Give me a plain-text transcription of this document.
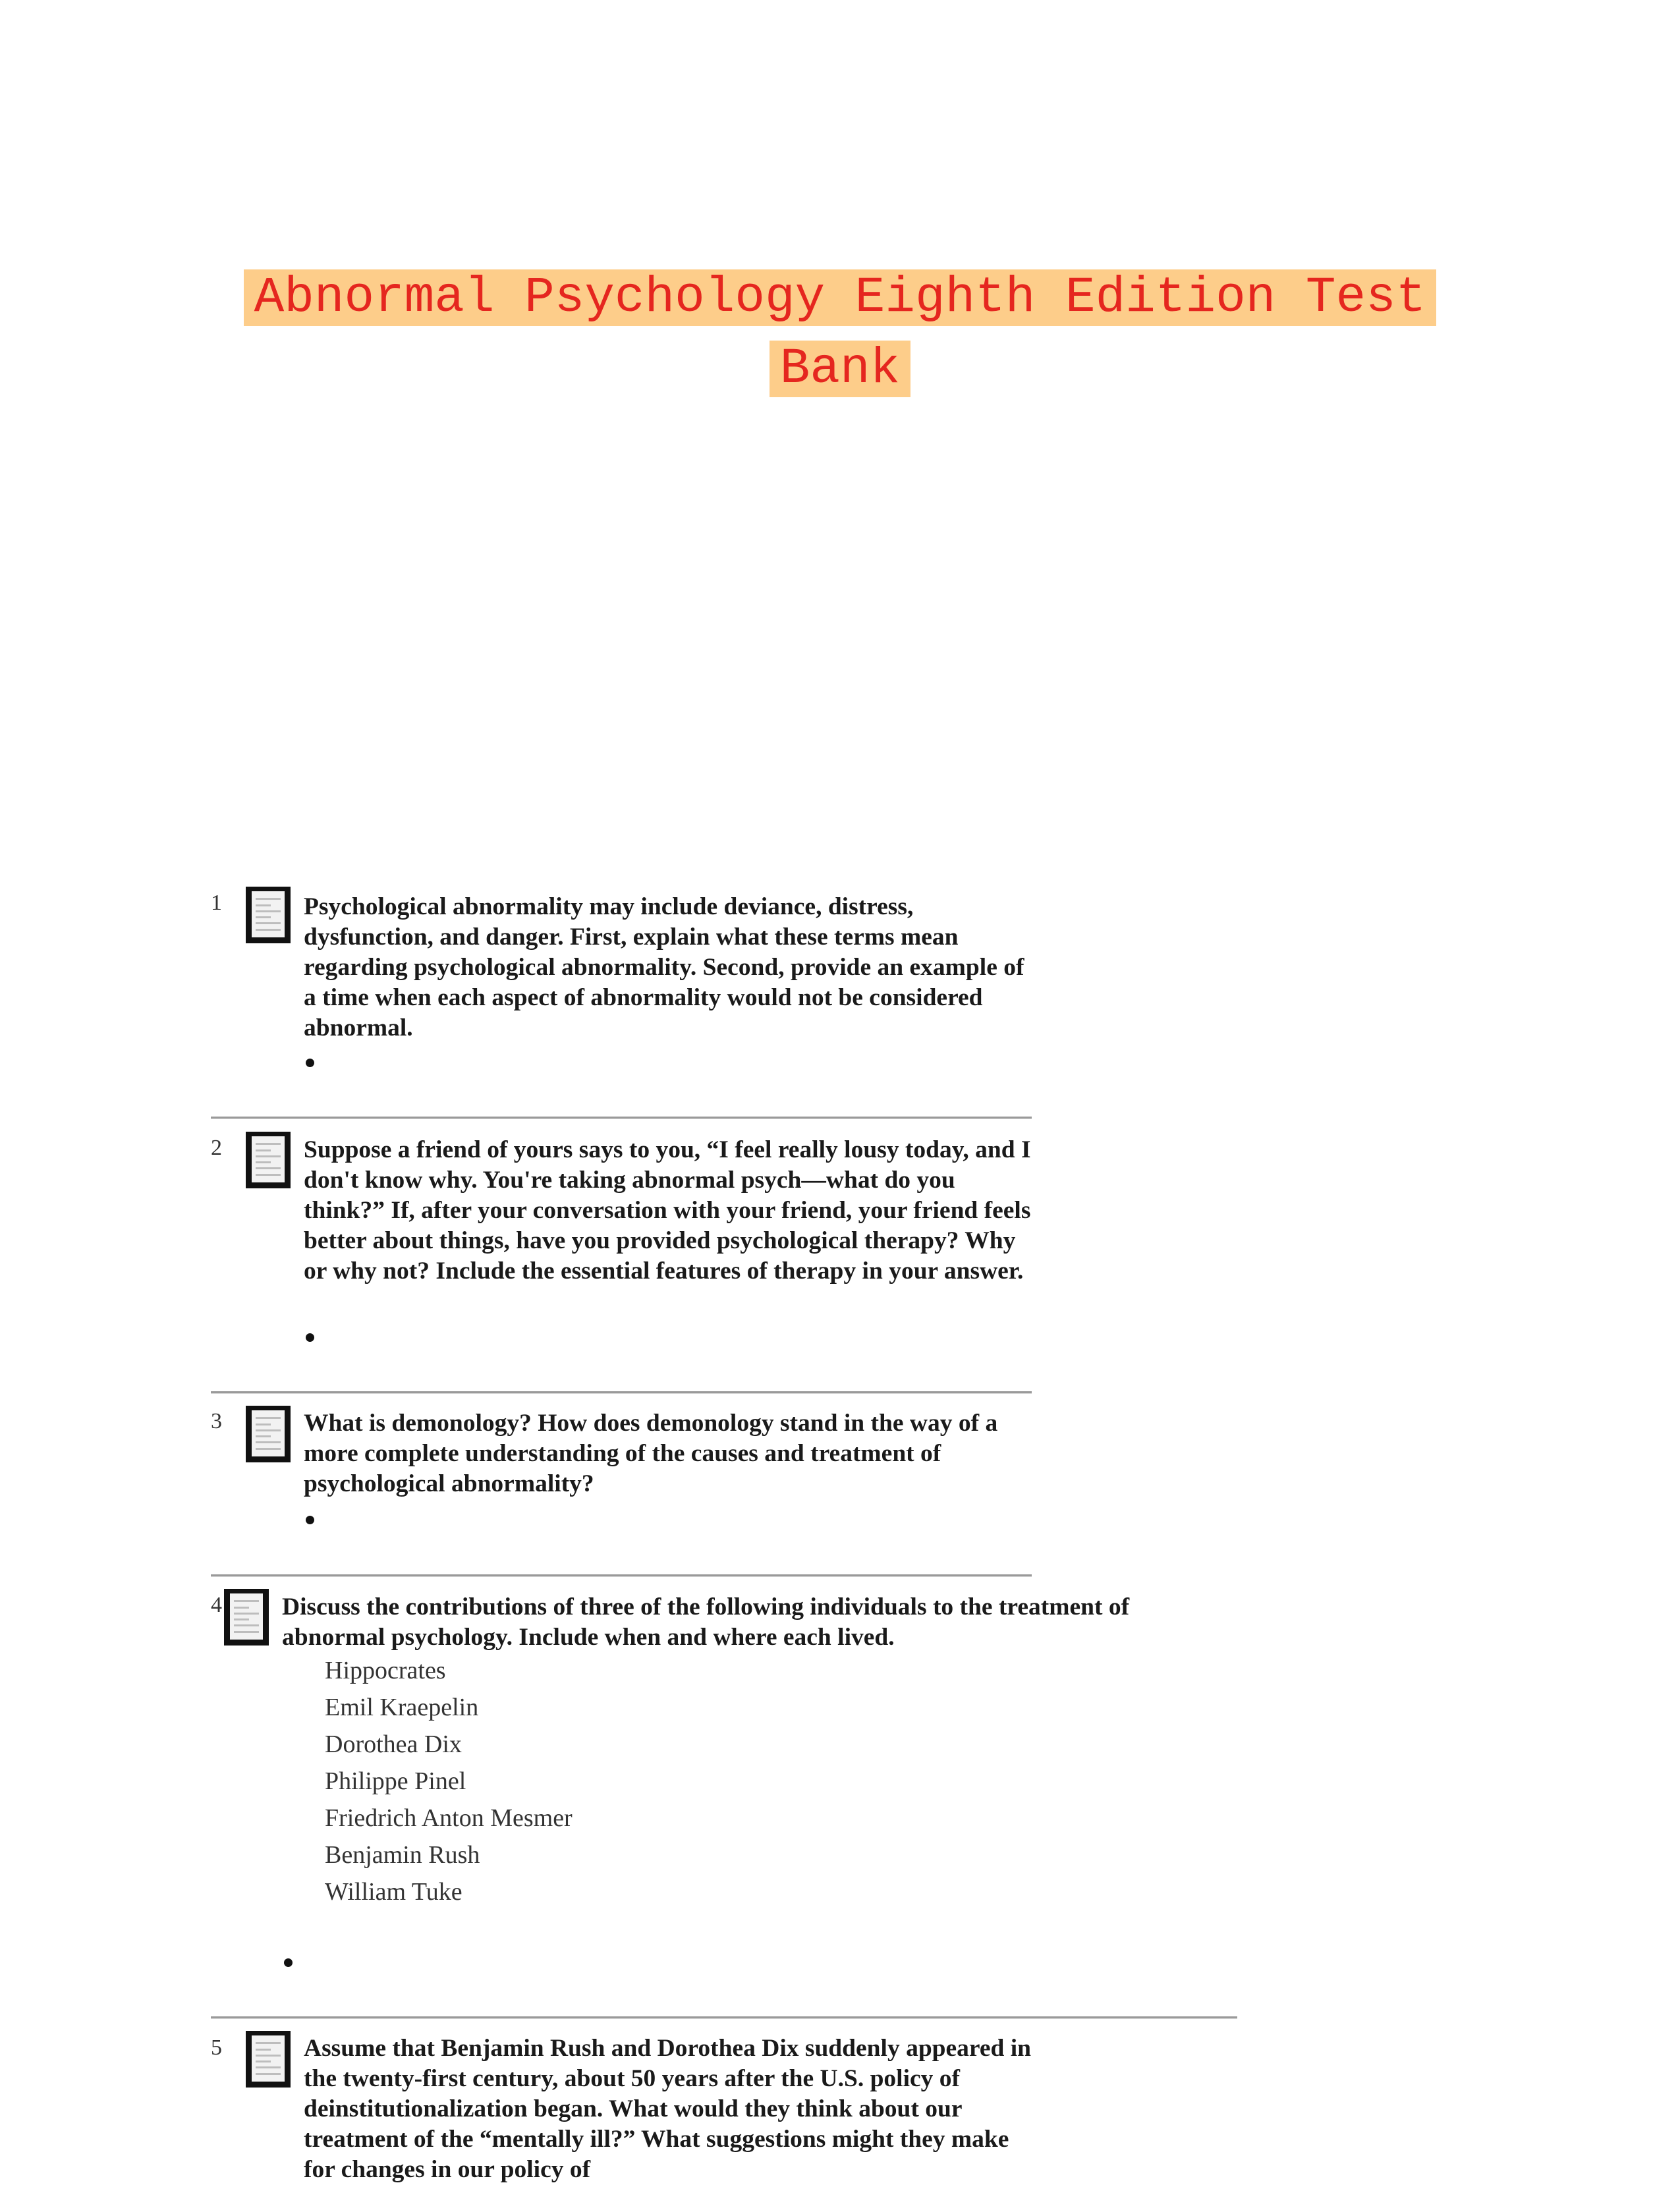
Abnormal Psychology Eighth Edition Test
Bank
1	Psychological abnormality may include deviance, distress, dysfunction, and danger. First, explain what these terms mean regarding psychological abnormality. Second, provide an example of a time when each aspect of abnormality would not be considered abnormal.

2	Suppose a friend of yours says to you, “I feel really lousy today, and I don't know why. You're taking abnormal psych—what do you think?” If, after your conversation with your friend, your friend feels better about things, have you provided psychological therapy? Why or why not? Include the essential features of therapy in your answer.

3	What is demonology? How does demonology stand in the way of a more complete understanding of the causes and treatment of psychological abnormality?

4 Discuss the contributions of three of the following individuals to the treatment of abnormal psychology. Include when and where each lived.

Hippocrates
Emil Kraepelin
Dorothea Dix
Philippe Pinel
Friedrich Anton Mesmer
Benjamin Rush
William Tuke
5	Assume that Benjamin Rush and Dorothea Dix suddenly appeared in the twenty-first century, about 50 years after the U.S. policy of deinstitutionalization began. What would they think about our treatment of the “mentally ill?” What suggestions might they make for changes in our policy of
